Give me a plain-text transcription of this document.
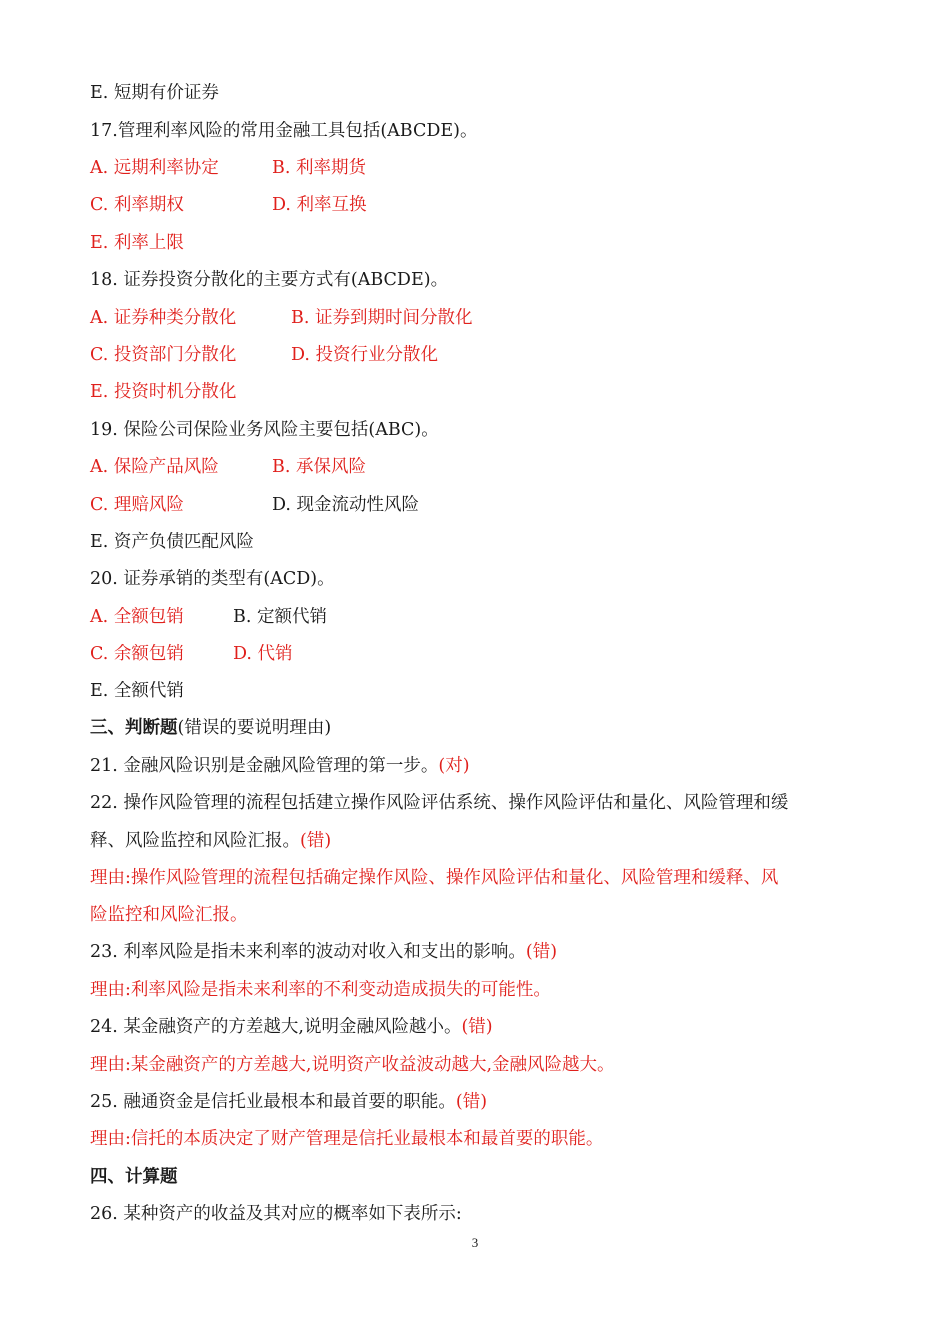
E. 短期有价证券
17.管理利率风险的常用金融工具包括(ABCDE)。
A. 远期利率协定	B. 利率期货
C. 利率期权	D. 利率互换
E. 利率上限
18. 证券投资分散化的主要方式有(ABCDE)。
A. 证券种类分散化	B. 证券到期时间分散化
C. 投资部门分散化	D. 投资行业分散化
E. 投资时机分散化
19. 保险公司保险业务风险主要包括(ABC)。
A. 保险产品风险	B. 承保风险
C. 理赔风险	D. 现金流动性风险
E. 资产负债匹配风险
20. 证券承销的类型有(ACD)。
A. 全额包销	B. 定额代销
C. 余额包销	D. 代销
E. 全额代销
三、判断题(错误的要说明理由)
21. 金融风险识别是金融风险管理的第一步。(对)
22. 操作风险管理的流程包括建立操作风险评估系统、操作风险评估和量化、风险管理和缓
释、风险监控和风险汇报。(错)
理由:操作风险管理的流程包括确定操作风险、操作风险评估和量化、风险管理和缓释、风
险监控和风险汇报。
23. 利率风险是指未来利率的波动对收入和支出的影响。(错)
理由:利率风险是指未来利率的不利变动造成损失的可能性。
24. 某金融资产的方差越大,说明金融风险越小。(错)
理由:某金融资产的方差越大,说明资产收益波动越大,金融风险越大。
25. 融通资金是信托业最根本和最首要的职能。(错)
理由:信托的本质决定了财产管理是信托业最根本和最首要的职能。
四、计算题
26. 某种资产的收益及其对应的概率如下表所示:
3
